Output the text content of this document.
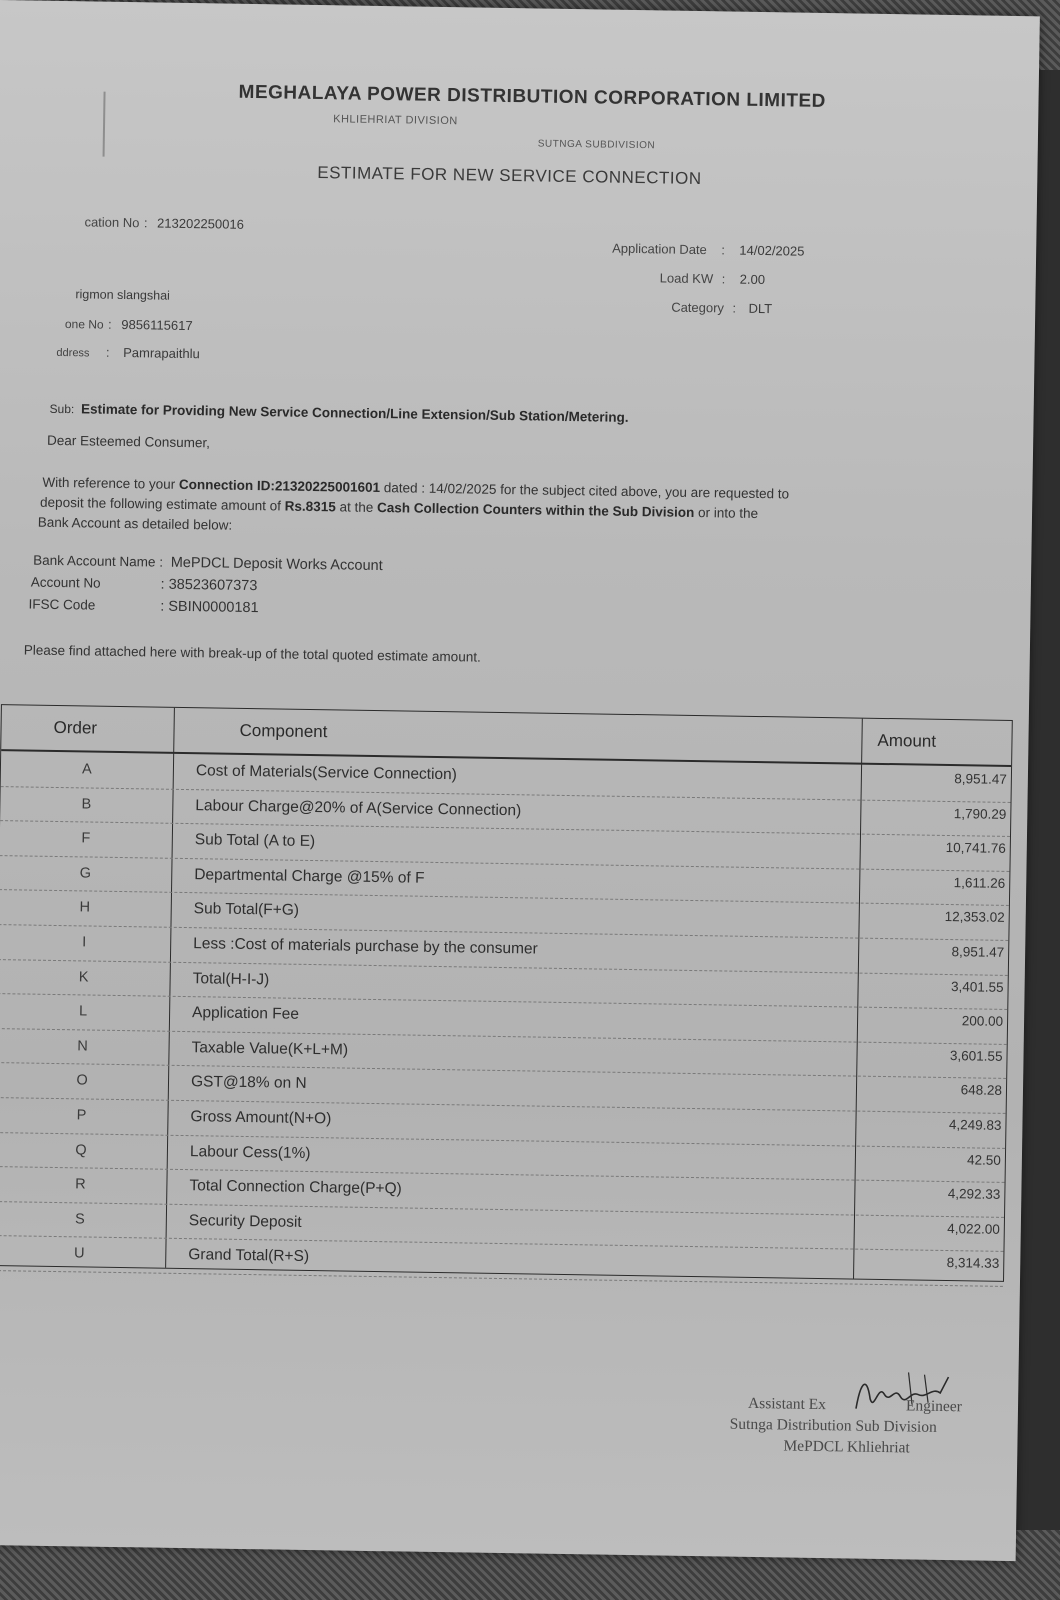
MEGHALAYA POWER DISTRIBUTION CORPORATION LIMITED
KHLIEHRIAT DIVISION
SUTNGA SUBDIVISION
ESTIMATE FOR NEW SERVICE CONNECTION
cation No : 213202250016
rigmon slangshai
one No : 9856115617
ddress : Pamrapaithlu
Application Date : 14/02/2025
Load KW : 2.00
Category : DLT
Sub: Estimate for Providing New Service Connection/Line Extension/Sub Station/Metering.
Dear Esteemed Consumer,
With reference to your Connection ID:21320225001601 dated : 14/02/2025 for the subject cited above, you are requested to
deposit the following estimate amount of Rs.8315 at the Cash Collection Counters within the Sub Division or into the
Bank Account as detailed below:
Bank Account Name : MePDCL Deposit Works Account
Account No	: 38523607373
IFSC Code	: SBIN0000181
Please find attached here with break-up of the total quoted estimate amount.
Order	Component	Amount
A	Cost of Materials(Service Connection)	8,951.47
B	Labour Charge@20% of A(Service Connection)	1,790.29
F	Sub Total (A to E)	10,741.76
G	Departmental Charge @15% of F	1,611.26
H	Sub Total(F+G)	12,353.02
I	Less :Cost of materials purchase by the consumer	8,951.47
K	Total(H-I-J)	3,401.55
L	Application Fee	200.00
N	Taxable Value(K+L+M)	3,601.55
O	GST@18% on N	648.28
P	Gross Amount(N+O)	4,249.83
Q	Labour Cess(1%)	42.50
R	Total Connection Charge(P+Q)	4,292.33
S	Security Deposit	4,022.00
U	Grand Total(R+S)	8,314.33
Assistant Ex	Engineer
Sutnga Distribution Sub Division
MePDCL Khliehriat
